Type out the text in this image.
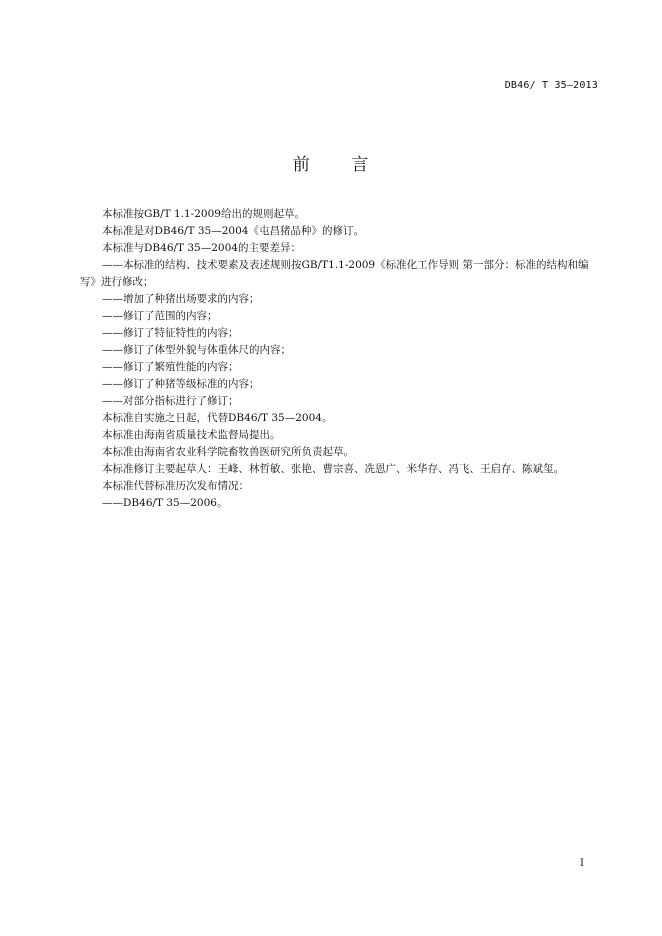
DB46/ T 35—2013
前 言

本标准按GB/T 1.1-2009给出的规则起草。

本标准是对DB46/T 35—2004《屯昌猪品种》的修订。

本标准与DB46/T 35—2004的主要差异：

——本标准的结构、技术要素及表述规则按GB/T1.1-2009《标准化工作导则 第一部分：标准的结构和编写》进行修改；

——增加了种猪出场要求的内容；

——修订了范围的内容；

——修订了特征特性的内容；

——修订了体型外貌与体重体尺的内容；

——修订了繁殖性能的内容；

——修订了种猪等级标准的内容；

——对部分指标进行了修订；

本标准自实施之日起，代替DB46/T 35—2004。

本标准由海南省质量技术监督局提出。

本标准由海南省农业科学院畜牧兽医研究所负责起草。

本标准修订主要起草人：王峰、林哲敏、张艳、曹宗喜、冼恩广、米华存、冯飞、王启存、陈斌玺。

本标准代替标准历次发布情况：

——DB46/T 35—2006。

I
